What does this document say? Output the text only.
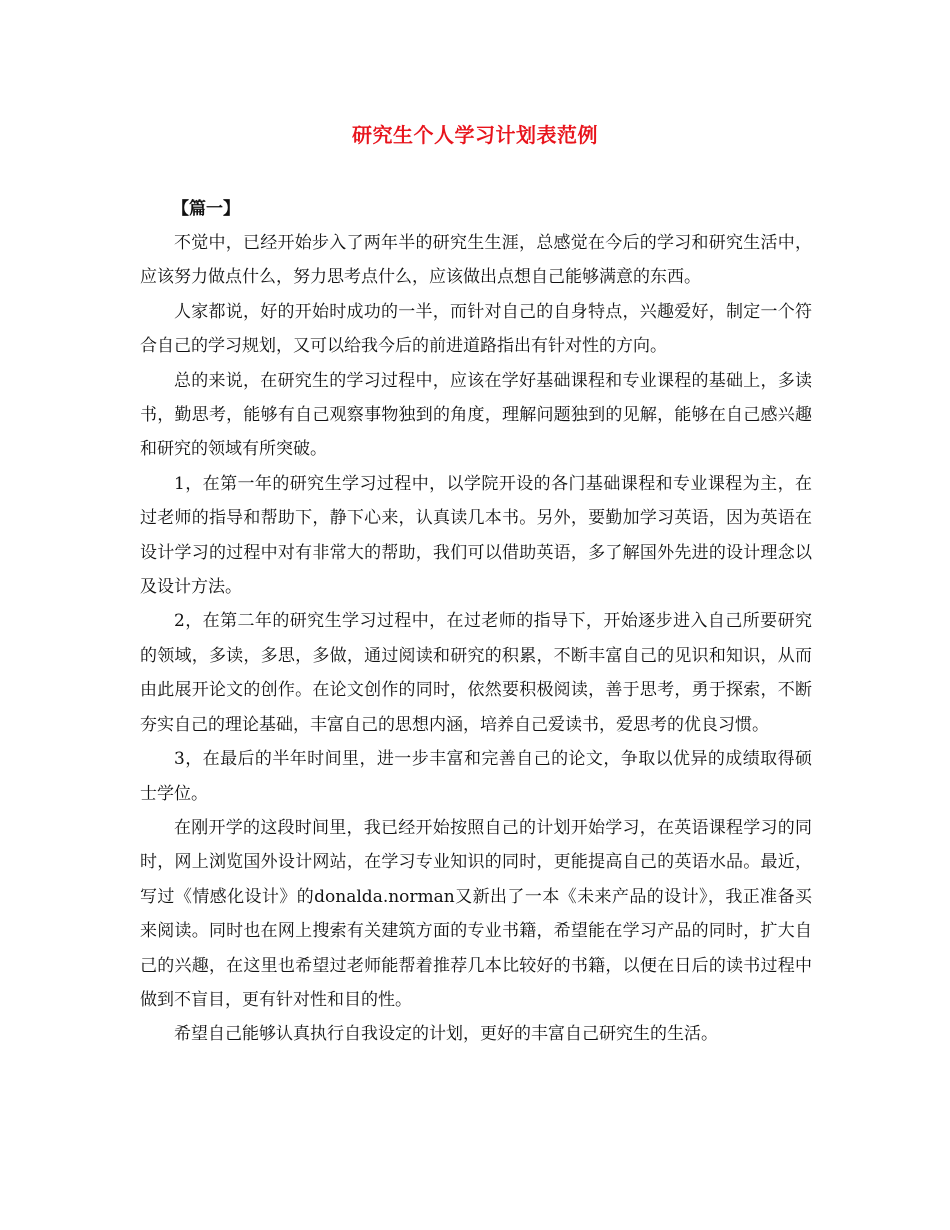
研究生个人学习计划表范例
【篇一】

不觉中，已经开始步入了两年半的研究生生涯，总感觉在今后的学习和研究生活中，应该努力做点什么，努力思考点什么，应该做出点想自己能够满意的东西。

人家都说，好的开始时成功的一半，而针对自己的自身特点，兴趣爱好，制定一个符合自己的学习规划，又可以给我今后的前进道路指出有针对性的方向。

总的来说，在研究生的学习过程中，应该在学好基础课程和专业课程的基础上，多读书，勤思考，能够有自己观察事物独到的角度，理解问题独到的见解，能够在自己感兴趣和研究的领域有所突破。

1，在第一年的研究生学习过程中，以学院开设的各门基础课程和专业课程为主，在过老师的指导和帮助下，静下心来，认真读几本书。另外，要勤加学习英语，因为英语在设计学习的过程中对有非常大的帮助，我们可以借助英语，多了解国外先进的设计理念以及设计方法。

2，在第二年的研究生学习过程中，在过老师的指导下，开始逐步进入自己所要研究的领域，多读，多思，多做，通过阅读和研究的积累，不断丰富自己的见识和知识，从而由此展开论文的创作。在论文创作的同时，依然要积极阅读，善于思考，勇于探索，不断夯实自己的理论基础，丰富自己的思想内涵，培养自己爱读书，爱思考的优良习惯。

3，在最后的半年时间里，进一步丰富和完善自己的论文，争取以优异的成绩取得硕士学位。

在刚开学的这段时间里，我已经开始按照自己的计划开始学习，在英语课程学习的同时，网上浏览国外设计网站，在学习专业知识的同时，更能提高自己的英语水品。最近，写过《情感化设计》的donalda.norman又新出了一本《未来产品的设计》，我正准备买来阅读。同时也在网上搜索有关建筑方面的专业书籍，希望能在学习产品的同时，扩大自己的兴趣，在这里也希望过老师能帮着推荐几本比较好的书籍，以便在日后的读书过程中做到不盲目，更有针对性和目的性。

希望自己能够认真执行自我设定的计划，更好的丰富自己研究生的生活。
